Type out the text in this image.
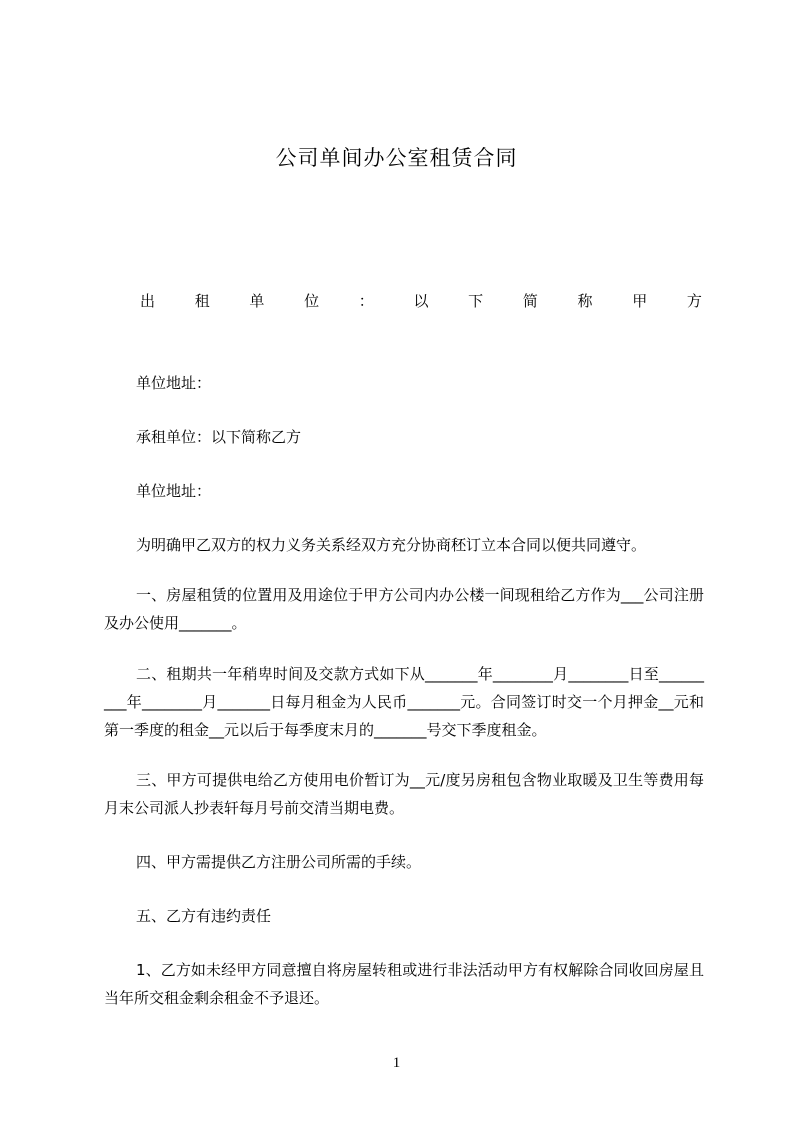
公司单间办公室租赁合同
出	租	单	位	：	以	下	简	称	甲	方
单位地址：
承租单位：以下简称乙方
单位地址：
为明确甲乙双方的权力义务关系经双方充分协商秠订立本合同以便共同遵守。
一、房屋租赁的位置用及用途位于甲方公司内办公楼一间现租给乙方作为___公司注册及办公使用_______。
二、租期共一年稍卑时间及交款方式如下从_______年________月________日至_________年________月_______日每月租金为人民币_______元。合同签订时交一个月押金__元和第一季度的租金__元以后于每季度末月的_______号交下季度租金。
三、甲方可提供电给乙方使用电价暂订为__元/度另房租包含物业取暖及卫生等费用每月末公司派人抄表轩每月号前交清当期电费。
四、甲方需提供乙方注册公司所需的手续。
五、乙方有违约责任
1、乙方如未经甲方同意擅自将房屋转租或进行非法活动甲方有权解除合同收回房屋且当年所交租金剩余租金不予退还。
1
